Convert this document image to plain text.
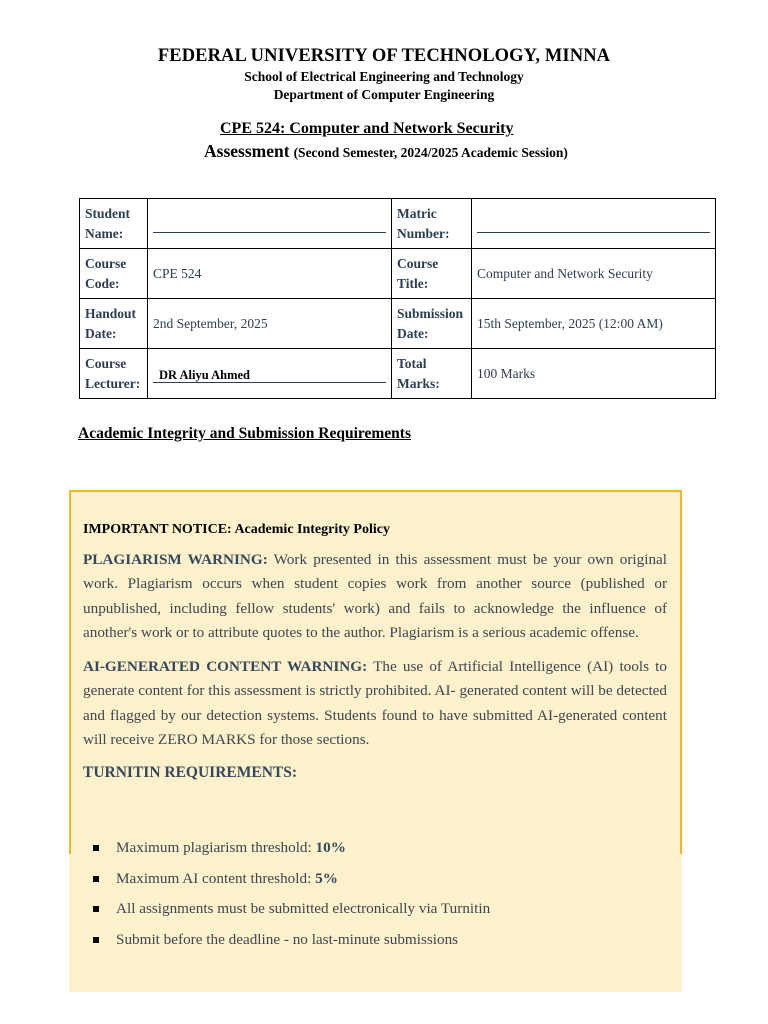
FEDERAL UNIVERSITY OF TECHNOLOGY, MINNA
School of Electrical Engineering and Technology
Department of Computer Engineering
CPE 524: Computer and Network Security
Assessment (Second Semester, 2024/2025 Academic Session)
Student Name:		Matric Number:	

Course Code:	CPE 524	Course Title:	Computer and Network Security
Handout Date:	2nd September, 2025	Submission Date:	15th September, 2025 (12:00 AM)
Course Lecturer:	DR Aliyu Ahmed	Total Marks:	100 Marks
Academic Integrity and Submission Requirements
IMPORTANT NOTICE: Academic Integrity Policy

PLAGIARISM WARNING: Work presented in this assessment must be your own original work. Plagiarism occurs when student copies work from another source (published or unpublished, including fellow students' work) and fails to acknowledge the influence of another's work or to attribute quotes to the author. Plagiarism is a serious academic offense.

AI-GENERATED CONTENT WARNING: The use of Artificial Intelligence (AI) tools to generate content for this assessment is strictly prohibited. AI- generated content will be detected and flagged by our detection systems. Students found to have submitted AI-generated content will receive ZERO MARKS for those sections.

TURNITIN REQUIREMENTS:
Maximum plagiarism threshold: 10%
Maximum AI content threshold: 5%
All assignments must be submitted electronically via Turnitin
Submit before the deadline - no last-minute submissions
